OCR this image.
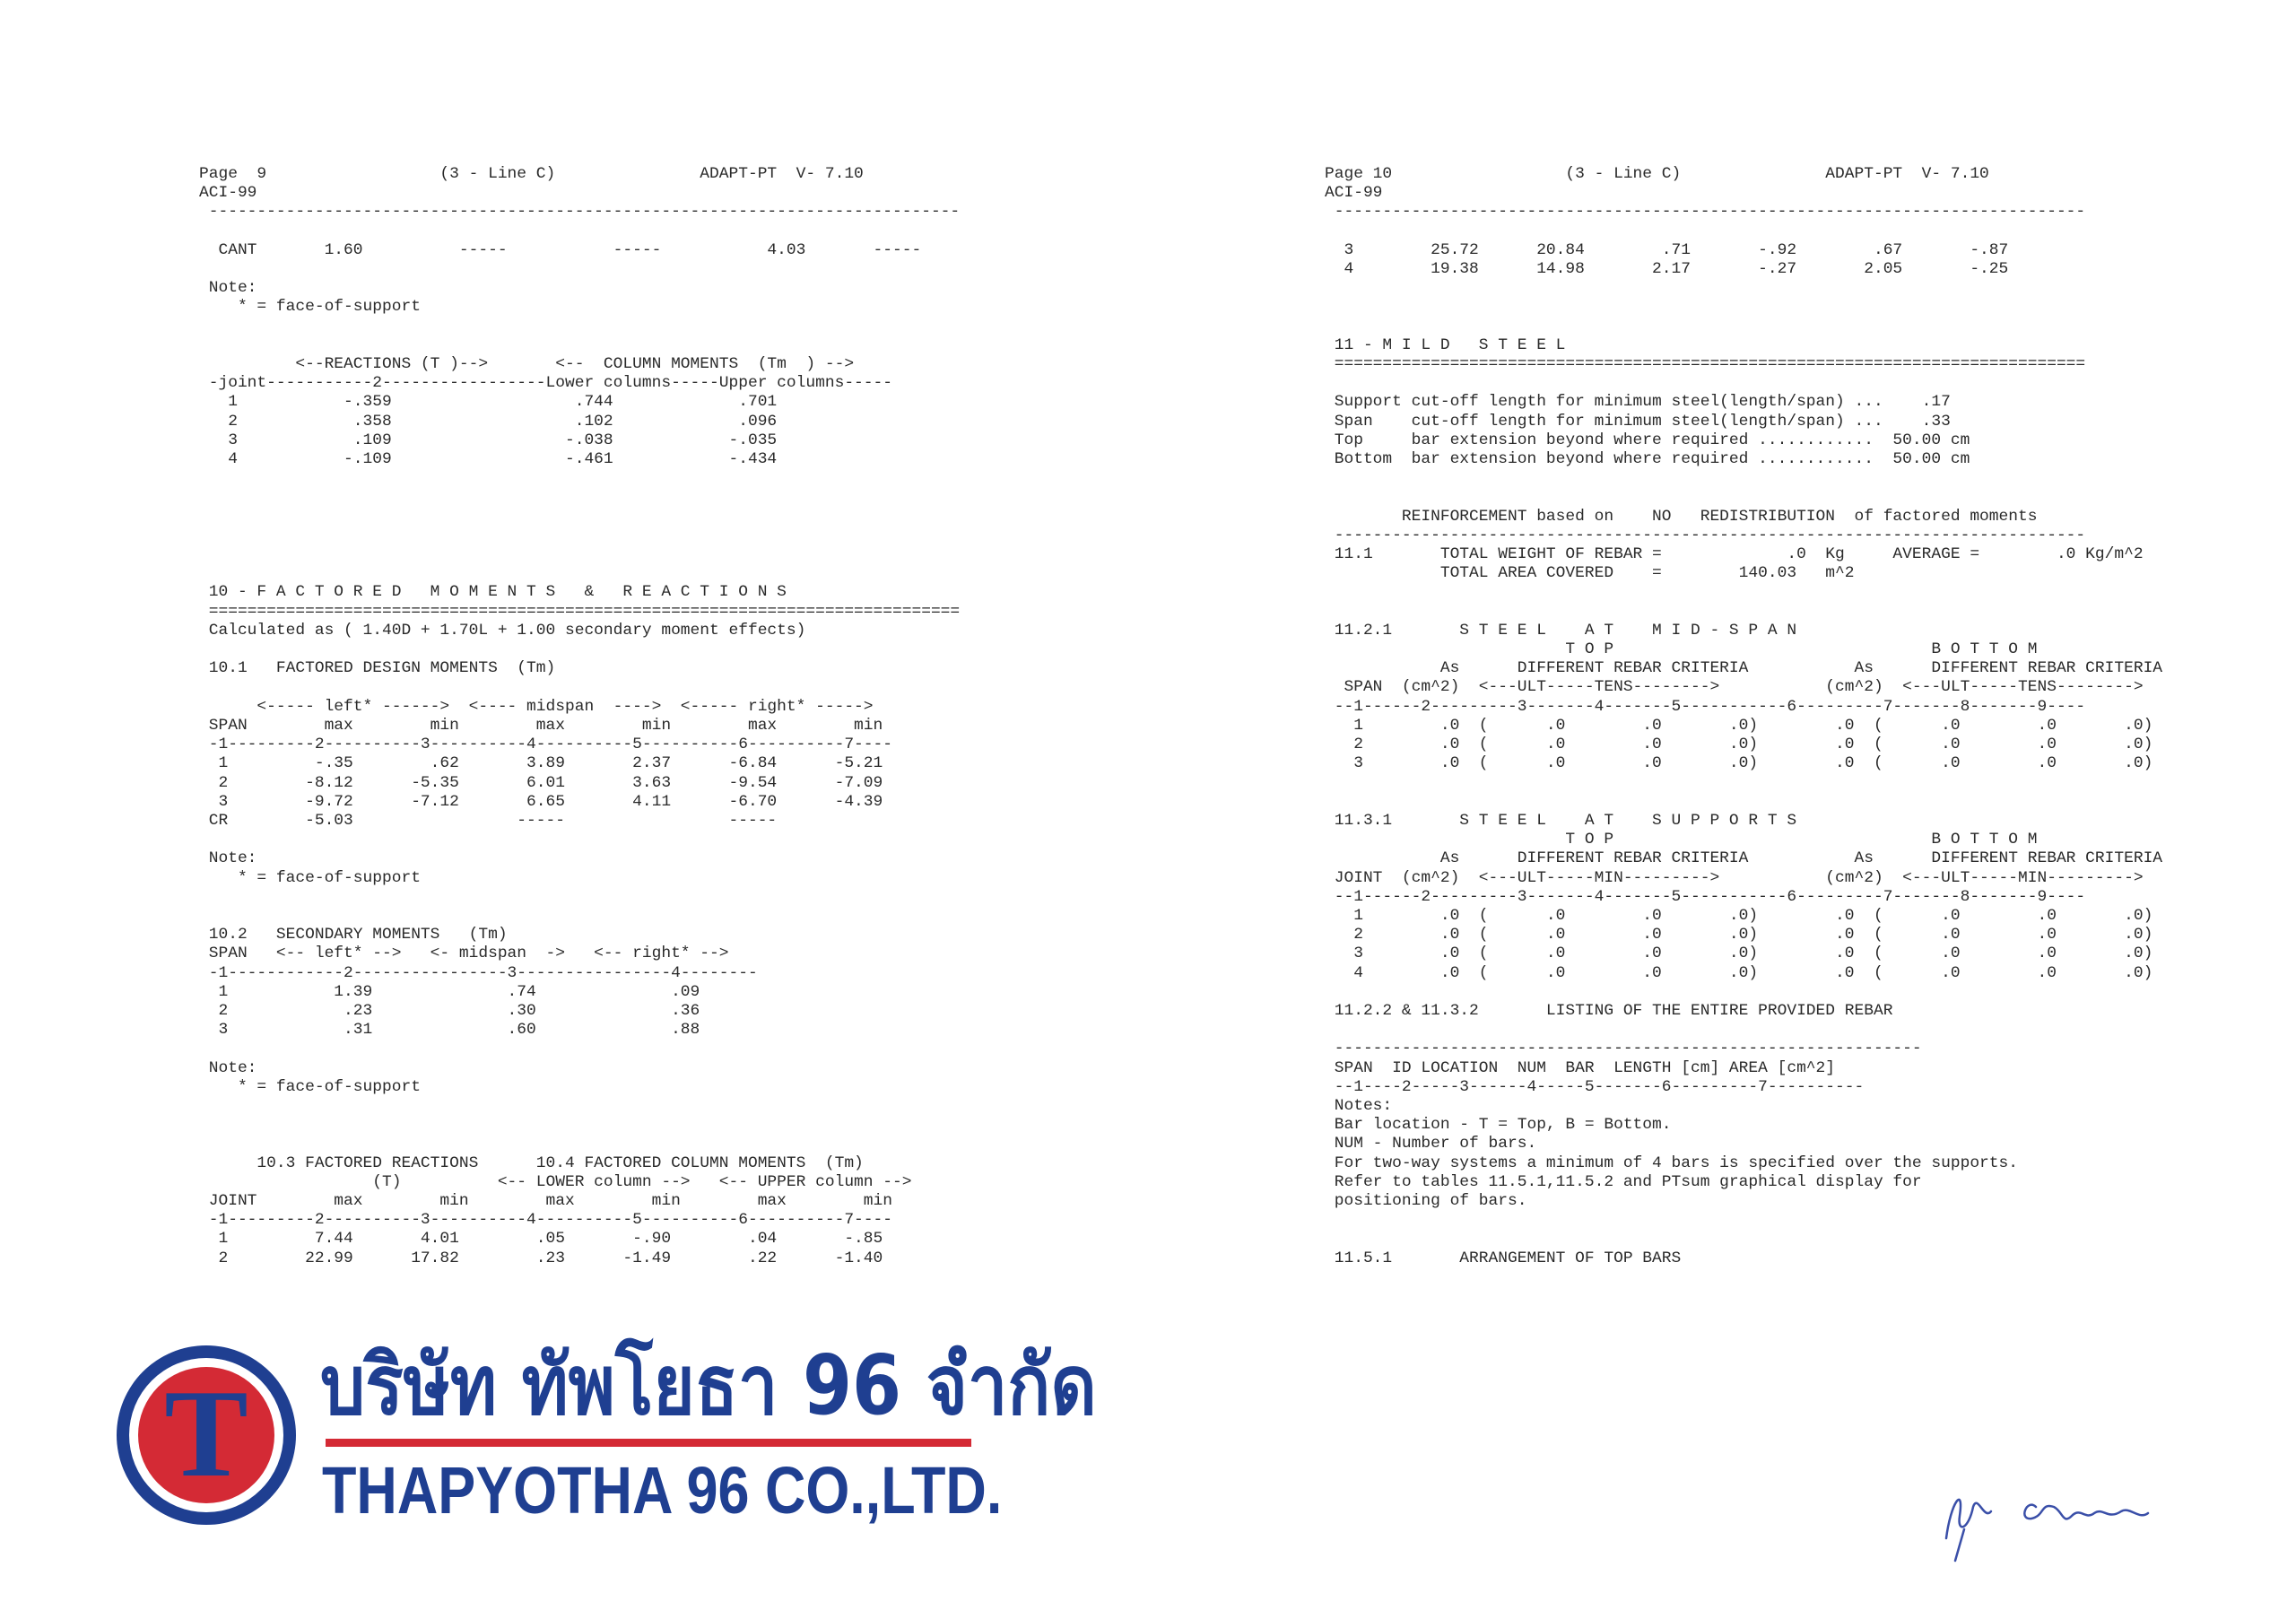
Page  9                  (3 - Line C)               ADAPT-PT  V- 7.10
ACI-99
------------------------------------------------------------------------------

CANT       1.60          -----           -----           4.03       -----

Note:
* = face-of-support

<--REACTIONS (T )-->       <--  COLUMN MOMENTS  (Tm  ) -->
-joint-----------2-----------------Lower columns-----Upper columns-----
1           -.359                   .744             .701
2            .358                   .102             .096
3            .109                  -.038            -.035
4           -.109                  -.461            -.434

10 - F A C T O R E D   M O M E N T S   &   R E A C T I O N S
==============================================================================
Calculated as ( 1.40D + 1.70L + 1.00 secondary moment effects)

10.1   FACTORED DESIGN MOMENTS  (Tm)

<----- left* ------>  <---- midspan  ---->  <----- right* ----->
SPAN        max        min        max        min        max        min
-1---------2----------3----------4----------5----------6----------7----
1         -.35        .62       3.89       2.37      -6.84      -5.21
2        -8.12      -5.35       6.01       3.63      -9.54      -7.09
3        -9.72      -7.12       6.65       4.11      -6.70      -4.39
CR        -5.03                 -----                 -----

Note:
* = face-of-support

10.2   SECONDARY MOMENTS   (Tm)
SPAN   <-- left* -->   <- midspan  ->   <-- right* -->
-1------------2----------------3----------------4--------
1           1.39              .74              .09
2            .23              .30              .36
3            .31              .60              .88

Note:
* = face-of-support

10.3 FACTORED REACTIONS      10.4 FACTORED COLUMN MOMENTS  (Tm)
(T)          <-- LOWER column -->   <-- UPPER column -->
JOINT        max        min        max        min        max        min
-1---------2----------3----------4----------5----------6----------7----
1         7.44       4.01        .05       -.90        .04       -.85
2        22.99      17.82        .23      -1.49        .22      -1.40
Page 10                  (3 - Line C)               ADAPT-PT  V- 7.10
ACI-99
------------------------------------------------------------------------------

3        25.72      20.84        .71       -.92        .67       -.87
4        19.38      14.98       2.17       -.27       2.05       -.25

11 - M I L D   S T E E L
==============================================================================

Support cut-off length for minimum steel(length/span) ...    .17
Span    cut-off length for minimum steel(length/span) ...    .33
Top     bar extension beyond where required ............  50.00 cm
Bottom  bar extension beyond where required ............  50.00 cm

REINFORCEMENT based on    NO   REDISTRIBUTION  of factored moments
------------------------------------------------------------------------------
11.1       TOTAL WEIGHT OF REBAR =             .0  Kg     AVERAGE =        .0 Kg/m^2
TOTAL AREA COVERED    =        140.03   m^2

11.2.1       S T E E L    A T    M I D - S P A N
T O P                                 B O T T O M
As      DIFFERENT REBAR CRITERIA           As      DIFFERENT REBAR CRITERIA
SPAN  (cm^2)  <---ULT-----TENS-------->           (cm^2)  <---ULT-----TENS-------->
--1------2---------3-------4-------5-----------6---------7-------8-------9----
1        .0  (      .0        .0       .0)        .0  (      .0        .0       .0)
2        .0  (      .0        .0       .0)        .0  (      .0        .0       .0)
3        .0  (      .0        .0       .0)        .0  (      .0        .0       .0)

11.3.1       S T E E L    A T    S U P P O R T S
T O P                                 B O T T O M
As      DIFFERENT REBAR CRITERIA           As      DIFFERENT REBAR CRITERIA
JOINT  (cm^2)  <---ULT-----MIN--------->           (cm^2)  <---ULT-----MIN--------->
--1------2---------3-------4-------5-----------6---------7-------8-------9----
1        .0  (      .0        .0       .0)        .0  (      .0        .0       .0)
2        .0  (      .0        .0       .0)        .0  (      .0        .0       .0)
3        .0  (      .0        .0       .0)        .0  (      .0        .0       .0)
4        .0  (      .0        .0       .0)        .0  (      .0        .0       .0)

11.2.2 & 11.3.2       LISTING OF THE ENTIRE PROVIDED REBAR

-------------------------------------------------------------
SPAN  ID LOCATION  NUM  BAR  LENGTH [cm] AREA [cm^2]
--1----2-----3------4-----5-------6---------7----------
Notes:
Bar location - T = Top, B = Bottom.
NUM - Number of bars.
For two-way systems a minimum of 4 bars is specified over the supports.
Refer to tables 11.5.1,11.5.2 and PTsum graphical display for
positioning of bars.

11.5.1       ARRANGEMENT OF TOP BARS
T บริษัท ทัพโยธา 96 จำกัด
THAPYOTHA 96 CO.,LTD.
